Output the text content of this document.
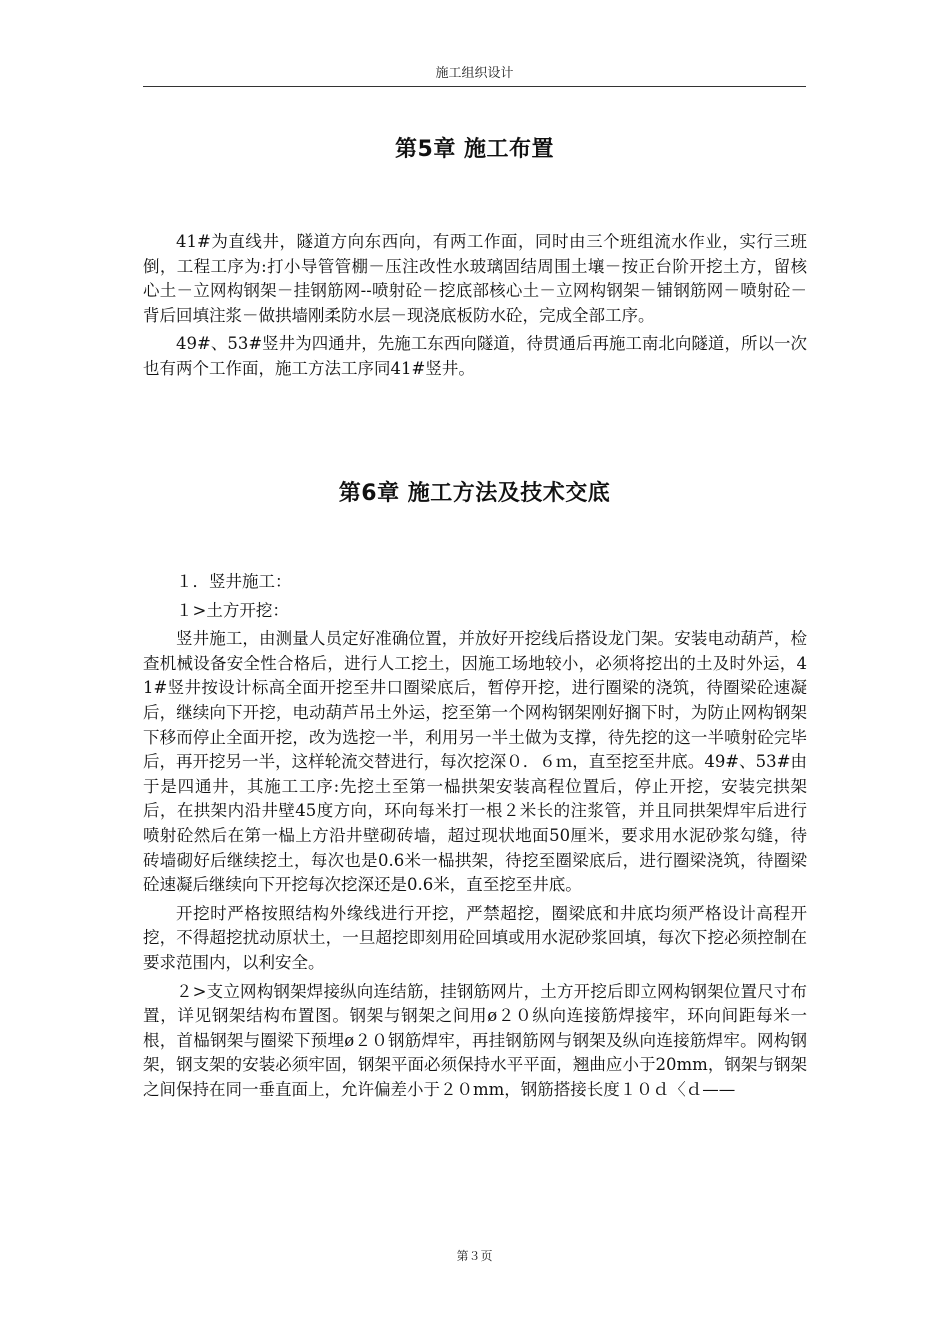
施工组织设计
第5章 施工布置

41#为直线井，隧道方向东西向，有两工作面，同时由三个班组流水作业，实行三班倒，工程工序为:打小导管管棚－压注改性水玻璃固结周围土壤－按正台阶开挖土方，留核心土－立网构钢架－挂钢筋网--喷射砼－挖底部核心土－立网构钢架－铺钢筋网－喷射砼－背后回填注浆－做拱墙刚柔防水层－现浇底板防水砼，完成全部工序。

49#、53#竖井为四通井，先施工东西向隧道，待贯通后再施工南北向隧道，所以一次也有两个工作面，施工方法工序同41#竖井。

第6章 施工方法及技术交底

１．竖井施工：

１>土方开挖：

竖井施工，由测量人员定好准确位置，并放好开挖线后搭设龙门架。安装电动葫芦，检查机械设备安全性合格后，进行人工挖土，因施工场地较小，必须将挖出的土及时外运，41#竖井按设计标高全面开挖至井口圈梁底后，暂停开挖，进行圈梁的浇筑，待圈梁砼速凝后，继续向下开挖，电动葫芦吊土外运，挖至第一个网构钢架刚好搁下时，为防止网构钢架下移而停止全面开挖，改为选挖一半，利用另一半土做为支撑，待先挖的这一半喷射砼完毕后，再开挖另一半，这样轮流交替进行，每次挖深０．６ｍ，直至挖至井底。49#、53#由于是四通井，其施工工序:先挖土至第一榀拱架安装高程位置后，停止开挖，安装完拱架后，在拱架内沿井壁45度方向，环向每米打一根２米长的注浆管，并且同拱架焊牢后进行喷射砼然后在第一榀上方沿井壁砌砖墙，超过现状地面50厘米，要求用水泥砂浆勾缝，待砖墙砌好后继续挖土，每次也是0.6米一榀拱架，待挖至圈梁底后，进行圈梁浇筑，待圈梁砼速凝后继续向下开挖每次挖深还是0.6米，直至挖至井底。

开挖时严格按照结构外缘线进行开挖，严禁超挖，圈梁底和井底均须严格设计高程开挖，不得超挖扰动原状土，一旦超挖即刻用砼回填或用水泥砂浆回填，每次下挖必须控制在要求范围内，以利安全。

２>支立网构钢架焊接纵向连结筋，挂钢筋网片，土方开挖后即立网构钢架位置尺寸布置，详见钢架结构布置图。钢架与钢架之间用ø２０纵向连接筋焊接牢，环向间距每米一根，首榀钢架与圈梁下预埋ø２０钢筋焊牢，再挂钢筋网与钢架及纵向连接筋焊牢。网构钢架，钢支架的安装必须牢固，钢架平面必须保持水平平面，翘曲应小于20mm，钢架与钢架之间保持在同一垂直面上，允许偏差小于２０mm，钢筋搭接长度１０ｄ〈ｄ——

第３页
